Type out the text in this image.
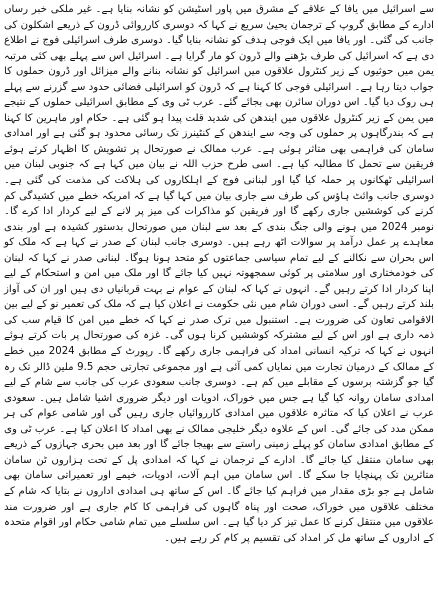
سے اسرائیل میں یافا کے علاقے کے مشرق میں پاور اسٹیشن کو نشانہ بنایا ہے۔ غیر ملکی خبر رساں ادارے کے مطابق گروپ کے ترجمان یحییٰ سریع نے کہا کہ دوسری کارروائی ڈرون کے ذریعے اشکلون کی جانب کی گئی۔ اور یافا میں ایک فوجی ہدف کو نشانہ بنایا گیا۔ دوسری طرف اسرائیلی فوج نے اطلاع دی ہے کہ اسرائیل کی طرف بڑھنے والے ڈرون کو مار گرایا ہے۔ اسرائیل اس سے پہلے بھی کئی مرتبہ یمن میں حوثیوں کے زیر کنٹرول علاقوں میں اسرائیل کو نشانہ بنانے والے میزائل اور ڈرون حملوں کا جواب دیتا رہا ہے۔ اسرائیلی فوجی کا کہنا ہے کہ ڈرون کو اسرائیلی فضائی حدود سے گزرنے سے پہلے ہی روک دیا گیا۔ اس دوران سائرن بھی بجائے گئے۔ عرب ٹی وی کے مطابق اسرائیلی حملوں کے نتیجے میں یمن کے زیر کنٹرول علاقوں میں ایندھن کی شدید قلت پیدا ہو گئی ہے۔ حکام اور ماہرین کا کہنا ہے کہ بندرگاہوں پر حملوں کی وجہ سے ایندھن کے کنٹینرز تک رسائی محدود ہو گئی ہے اور امدادی سامان کی فراہمی بھی متاثر ہوئی ہے۔ عرب ممالک نے صورتحال پر تشویش کا اظہار کرتے ہوئے فریقین سے تحمل کا مطالبہ کیا ہے۔ اسی طرح حزب اللہ نے بیان میں کہا ہے کہ جنوبی لبنان میں اسرائیلی ٹھکانوں پر حملہ کیا گیا اور لبنانی فوج کے اہلکاروں کی ہلاکت کی مذمت کی گئی ہے۔ دوسری جانب وائٹ ہاؤس کی طرف سے جاری بیان میں کہا گیا ہے کہ امریکہ خطے میں کشیدگی کم کرنے کی کوششیں جاری رکھے گا اور فریقین کو مذاکرات کی میز پر لانے کے لیے کردار ادا کرے گا۔ نومبر 2024 میں ہونے والی جنگ بندی کے بعد سے لبنان میں صورتحال بدستور کشیدہ ہے اور بندی معاہدے پر عمل درآمد پر سوالات اٹھ رہے ہیں۔ دوسری جانب لبنان کے صدر نے کہا ہے کہ ملک کو اس بحران سے نکالنے کے لیے تمام سیاسی جماعتوں کو متحد ہونا ہوگا۔ لبنانی صدر نے کہا کہ لبنان کی خودمختاری اور سلامتی پر کوئی سمجھوتہ نہیں کیا جائے گا اور ملک میں امن و استحکام کے لیے اپنا کردار ادا کرتے رہیں گے۔ انہوں نے کہا کہ لبنان کے عوام نے بہت قربانیاں دی ہیں اور ان کی آواز بلند کرتے رہیں گے۔ اسی دوران شام میں نئی حکومت نے اعلان کیا ہے کہ ملک کی تعمیر نو کے لیے بین الاقوامی تعاون کی ضرورت ہے۔ استنبول میں ترک صدر نے کہا کہ خطے میں امن کا قیام سب کی ذمہ داری ہے اور اس کے لیے مشترکہ کوششیں کرنا ہوں گی۔ غزہ کی صورتحال پر بات کرتے ہوئے انہوں نے کہا کہ ترکیہ انسانی امداد کی فراہمی جاری رکھے گا۔ رپورٹ کے مطابق 2024 میں خطے کے ممالک کے درمیان تجارت میں نمایاں کمی آئی ہے اور مجموعی تجارتی حجم 9.5 ملین ڈالر تک رہ گیا جو گزشتہ برسوں کے مقابلے میں کم ہے۔ دوسری جانب سعودی عرب کی جانب سے شام کے لیے امدادی سامان روانہ کیا گیا ہے جس میں خوراک، ادویات اور دیگر ضروری اشیا شامل ہیں۔ سعودی عرب نے اعلان کیا کہ متاثرہ علاقوں میں امدادی کارروائیاں جاری رہیں گی اور شامی عوام کی ہر ممکن مدد کی جائے گی۔ اس کے علاوہ دیگر خلیجی ممالک نے بھی امداد کا اعلان کیا ہے۔ عرب ٹی وی کے مطابق امدادی سامان کو پہلے زمینی راستے سے بھیجا جائے گا اور بعد میں بحری جہازوں کے ذریعے بھی سامان منتقل کیا جائے گا۔ ادارے کے ترجمان نے کہا کہ امدادی پل کے تحت ہزاروں ٹن سامان متاثرین تک پہنچایا جا سکے گا۔ اس سامان میں اہم آلات، ادویات، خیمے اور تعمیراتی سامان بھی شامل ہے جو بڑی مقدار میں فراہم کیا جائے گا۔ اس کے ساتھ ہی امدادی اداروں نے بتایا کہ شام کے مختلف علاقوں میں خوراک، صحت اور پناہ گاہوں کی فراہمی کا کام جاری ہے اور ضرورت مند علاقوں میں منتقل کرنے کا عمل تیز کر دیا گیا ہے۔ اس سلسلے میں تمام شامی حکام اور اقوام متحدہ کے اداروں کے ساتھ مل کر امداد کی تقسیم پر کام کر رہے ہیں۔
